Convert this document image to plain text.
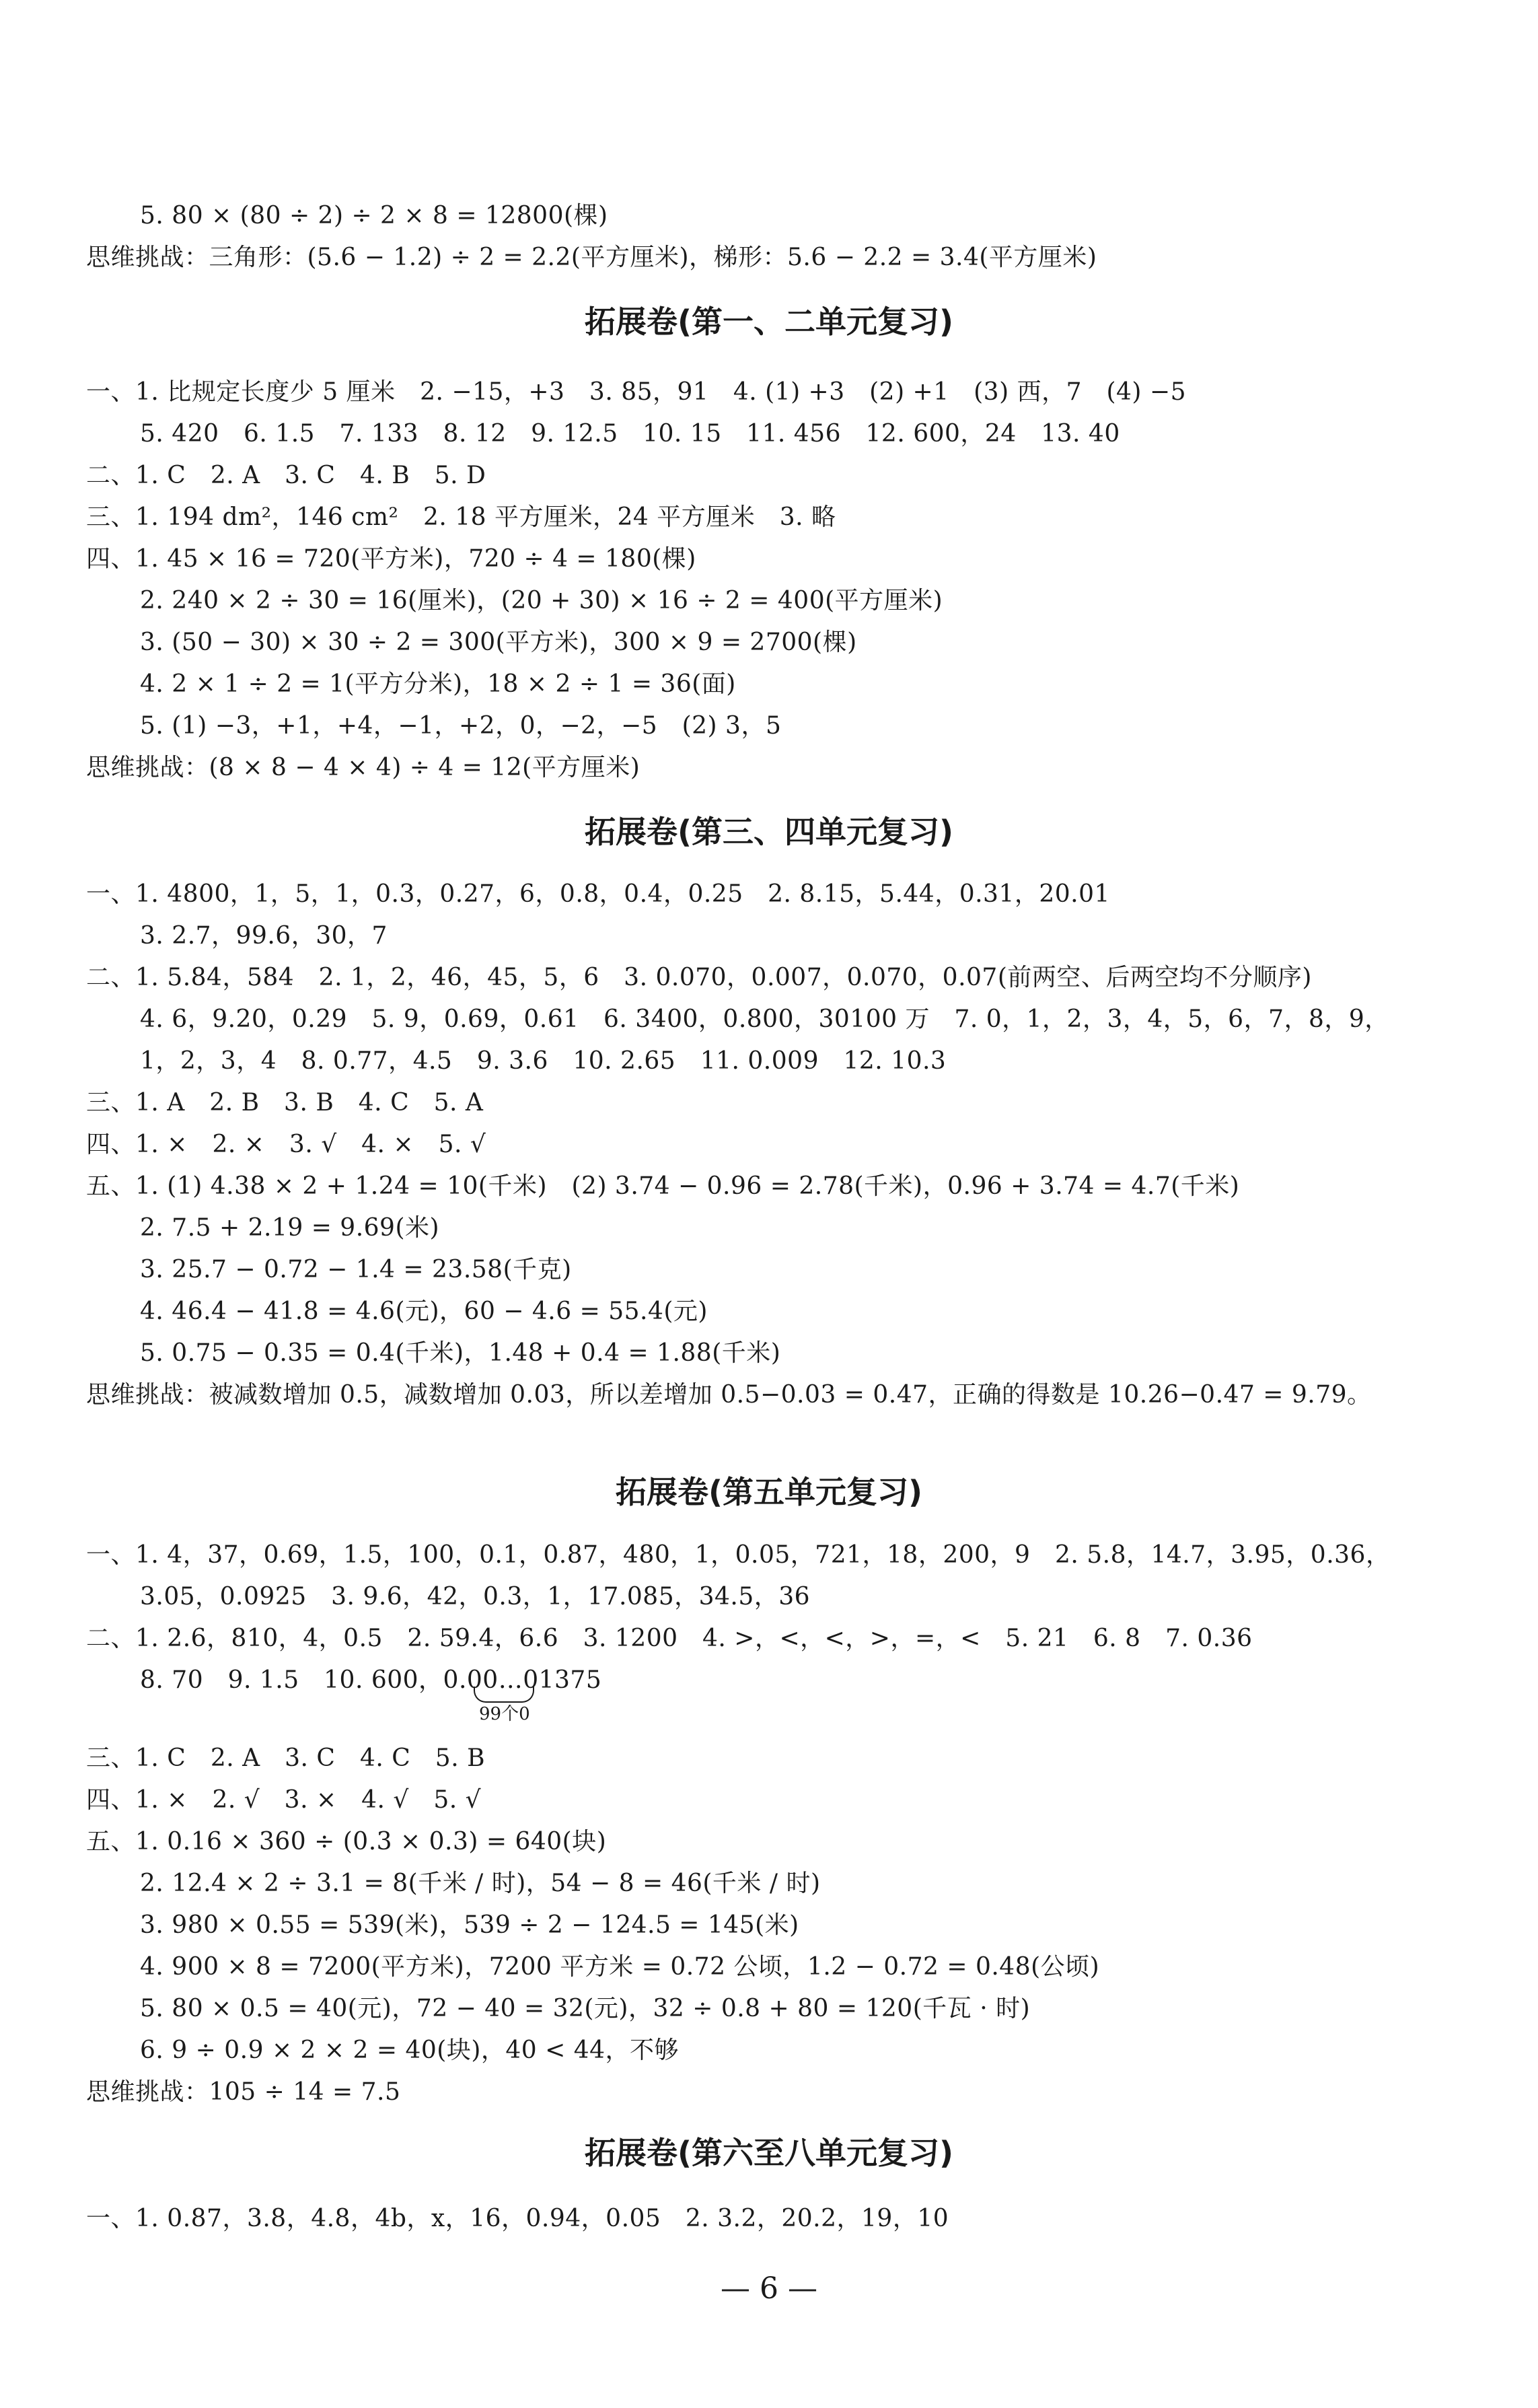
5. 80 × (80 ÷ 2) ÷ 2 × 8 = 12800(棵)
思维挑战：三角形：(5.6 − 1.2) ÷ 2 = 2.2(平方厘米)，梯形：5.6 − 2.2 = 3.4(平方厘米)
拓展卷(第一、二单元复习)
一、1. 比规定长度少 5 厘米　2. −15，+3　3. 85，91　4. (1) +3　(2) +1　(3) 西，7　(4) −5
5. 420　6. 1.5　7. 133　8. 12　9. 12.5　10. 15　11. 456　12. 600，24　13. 40
二、1. C　2. A　3. C　4. B　5. D
三、1. 194 dm²，146 cm²　2. 18 平方厘米，24 平方厘米　3. 略
四、1. 45 × 16 = 720(平方米)，720 ÷ 4 = 180(棵)
2. 240 × 2 ÷ 30 = 16(厘米)，(20 + 30) × 16 ÷ 2 = 400(平方厘米)
3. (50 − 30) × 30 ÷ 2 = 300(平方米)，300 × 9 = 2700(棵)
4. 2 × 1 ÷ 2 = 1(平方分米)，18 × 2 ÷ 1 = 36(面)
5. (1) −3，+1，+4，−1，+2，0，−2，−5　(2) 3，5
思维挑战：(8 × 8 − 4 × 4) ÷ 4 = 12(平方厘米)
拓展卷(第三、四单元复习)
一、1. 4800，1，5，1，0.3，0.27，6，0.8，0.4，0.25　2. 8.15，5.44，0.31，20.01
3. 2.7，99.6，30，7
二、1. 5.84，584　2. 1，2，46，45，5，6　3. 0.070，0.007，0.070，0.07(前两空、后两空均不分顺序)
4. 6，9.20，0.29　5. 9，0.69，0.61　6. 3400，0.800，30100 万　7. 0，1，2，3，4，5，6，7，8，9，
1，2，3，4　8. 0.77，4.5　9. 3.6　10. 2.65　11. 0.009　12. 10.3
三、1. A　2. B　3. B　4. C　5. A
四、1. ×　2. ×　3. √　4. ×　5. √
五、1. (1) 4.38 × 2 + 1.24 = 10(千米)　(2) 3.74 − 0.96 = 2.78(千米)，0.96 + 3.74 = 4.7(千米)
2. 7.5 + 2.19 = 9.69(米)
3. 25.7 − 0.72 − 1.4 = 23.58(千克)
4. 46.4 − 41.8 = 4.6(元)，60 − 4.6 = 55.4(元)
5. 0.75 − 0.35 = 0.4(千米)，1.48 + 0.4 = 1.88(千米)
思维挑战：被减数增加 0.5，减数增加 0.03，所以差增加 0.5−0.03 = 0.47，正确的得数是 10.26−0.47 = 9.79。
拓展卷(第五单元复习)
一、1. 4，37，0.69，1.5，100，0.1，0.87，480，1，0.05，721，18，200，9　2. 5.8，14.7，3.95，0.36，
3.05，0.0925　3. 9.6，42，0.3，1，17.085，34.5，36
二、1. 2.6，810，4，0.5　2. 59.4，6.6　3. 1200　4. >，<，<，>，=，<　5. 21　6. 8　7. 0.36
8. 70　9. 1.5　10. 600，0.00…01375
99个0
三、1. C　2. A　3. C　4. C　5. B
四、1. ×　2. √　3. ×　4. √　5. √
五、1. 0.16 × 360 ÷ (0.3 × 0.3) = 640(块)
2. 12.4 × 2 ÷ 3.1 = 8(千米 / 时)，54 − 8 = 46(千米 / 时)
3. 980 × 0.55 = 539(米)，539 ÷ 2 − 124.5 = 145(米)
4. 900 × 8 = 7200(平方米)，7200 平方米 = 0.72 公顷，1.2 − 0.72 = 0.48(公顷)
5. 80 × 0.5 = 40(元)，72 − 40 = 32(元)，32 ÷ 0.8 + 80 = 120(千瓦 · 时)
6. 9 ÷ 0.9 × 2 × 2 = 40(块)，40 < 44，不够
思维挑战：105 ÷ 14 = 7.5
拓展卷(第六至八单元复习)
一、1. 0.87，3.8，4.8，4b，x，16，0.94，0.05　2. 3.2，20.2，19，10
— 6 —
